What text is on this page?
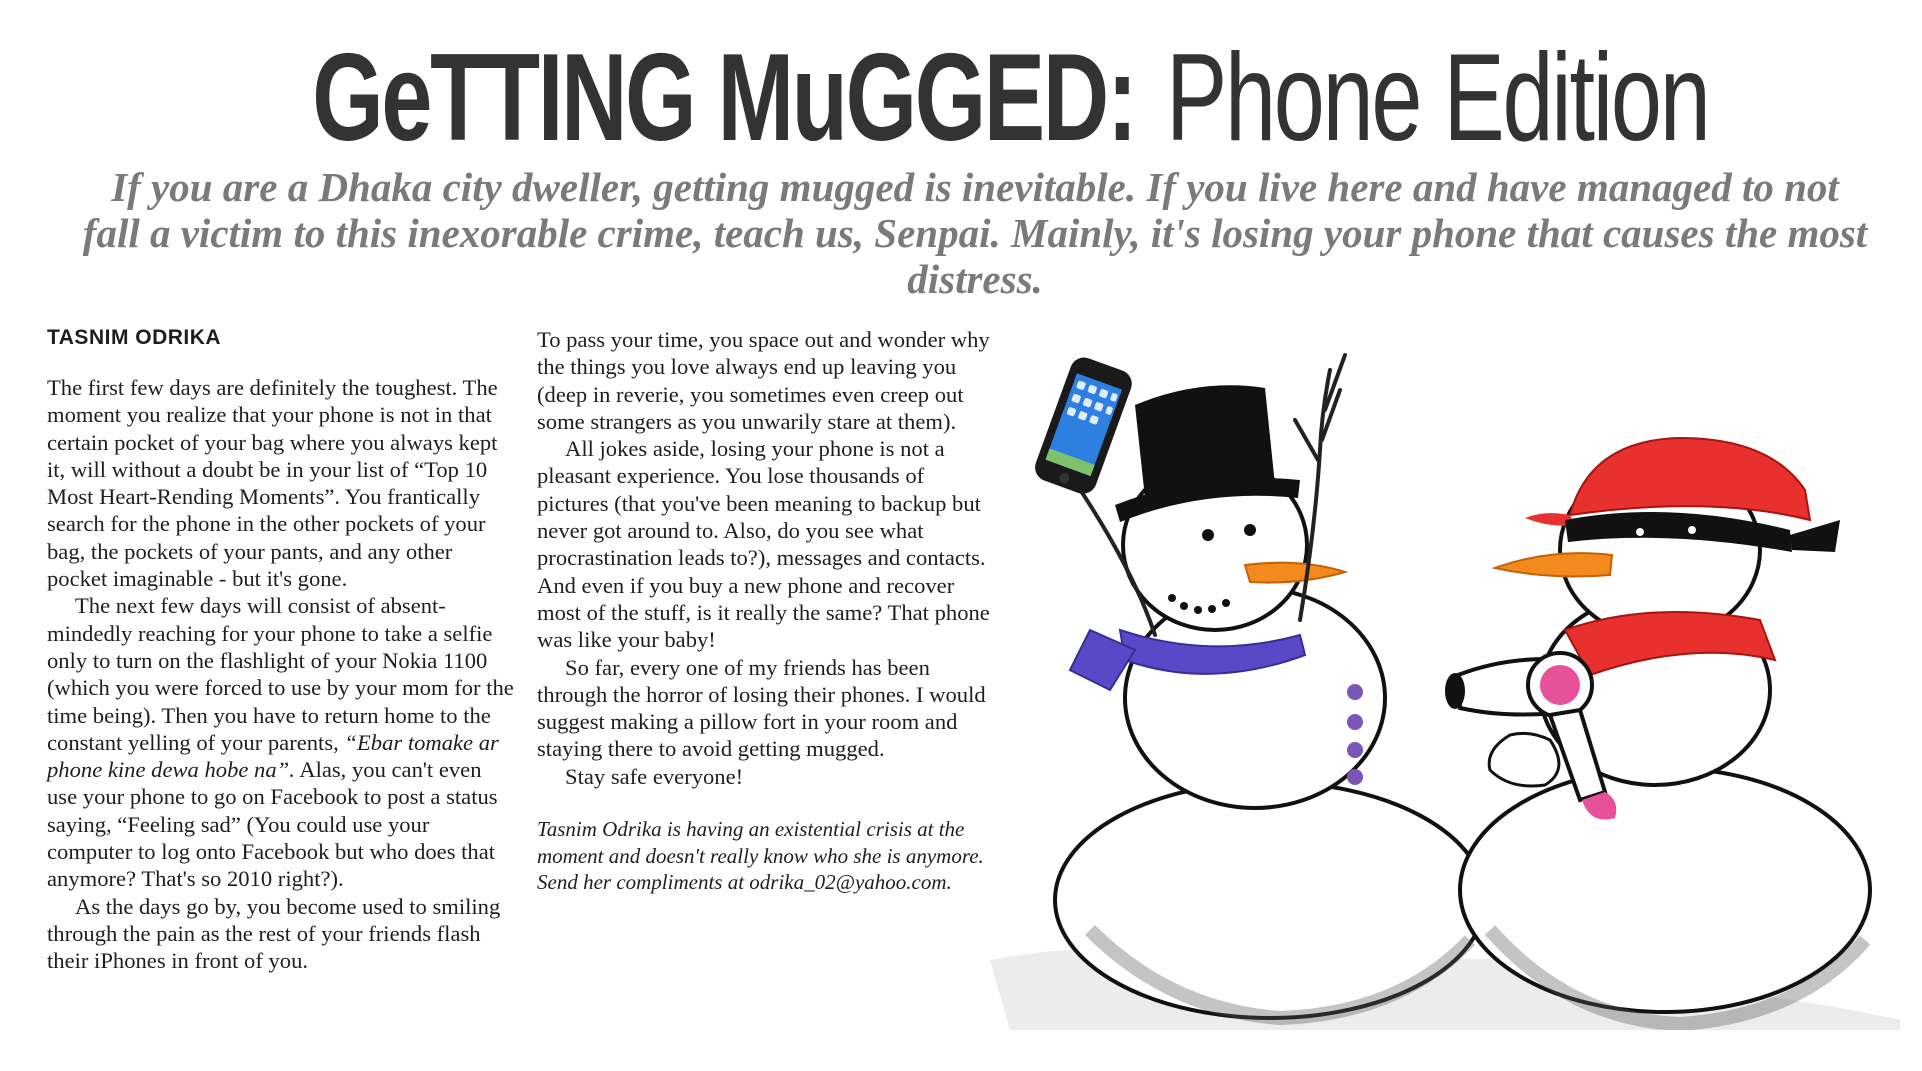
GeTTING MuGGED: Phone Edition
If you are a Dhaka city dweller, getting mugged is inevitable. If you live here and have managed to not fall a victim to this inexorable crime, teach us, Senpai. Mainly, it's losing your phone that causes the most distress.
TASNIM ODRIKA

The first few days are definitely the toughest. The moment you realize that your phone is not in that certain pocket of your bag where you always kept it, will without a doubt be in your list of “Top 10 Most Heart-Rending Moments”. You frantically search for the phone in the other pockets of your bag, the pockets of your pants, and any other pocket imaginable - but it's gone.

The next few days will consist of absent-mindedly reaching for your phone to take a selfie only to turn on the flashlight of your Nokia 1100 (which you were forced to use by your mom for the time being). Then you have to return home to the constant yelling of your parents, “Ebar tomake ar phone kine dewa hobe na”. Alas, you can't even use your phone to go on Facebook to post a status saying, “Feeling sad” (You could use your computer to log onto Facebook but who does that anymore? That's so 2010 right?).

As the days go by, you become used to smiling through the pain as the rest of your friends flash their iPhones in front of you.

To pass your time, you space out and wonder why the things you love always end up leaving you (deep in reverie, you sometimes even creep out some strangers as you unwarily stare at them).

All jokes aside, losing your phone is not a pleasant experience. You lose thousands of pictures (that you've been meaning to backup but never got around to. Also, do you see what procrastination leads to?), messages and contacts. And even if you buy a new phone and recover most of the stuff, is it really the same? That phone was like your baby!

So far, every one of my friends has been through the horror of losing their phones. I would suggest making a pillow fort in your room and staying there to avoid getting mugged.

Stay safe everyone!

Tasnim Odrika is having an existential crisis at the moment and doesn't really know who she is anymore. Send her compliments at odrika_02@yahoo.com.
